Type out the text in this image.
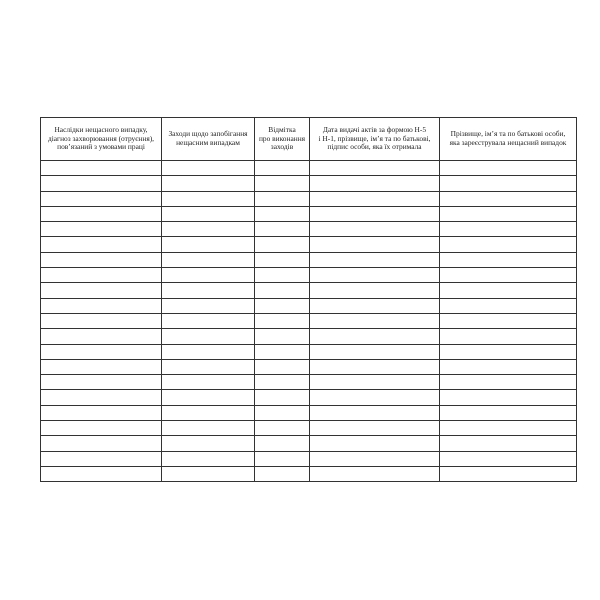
Наслідки нещасного випадку,
діагноз захворювання (отруєння),
пов’язаний з умовами праці	Заходи щодо запобігання
нещасним випадкам	Відмітка
про виконання
заходів	Дата видачі актів за формою Н-5
і Н-1, прізвище, ім’я та по батькові,
підпис особи, яка їх отримала	Прізвище, ім’я та по батькові особи,
яка зареєструвала нещасний випадок
